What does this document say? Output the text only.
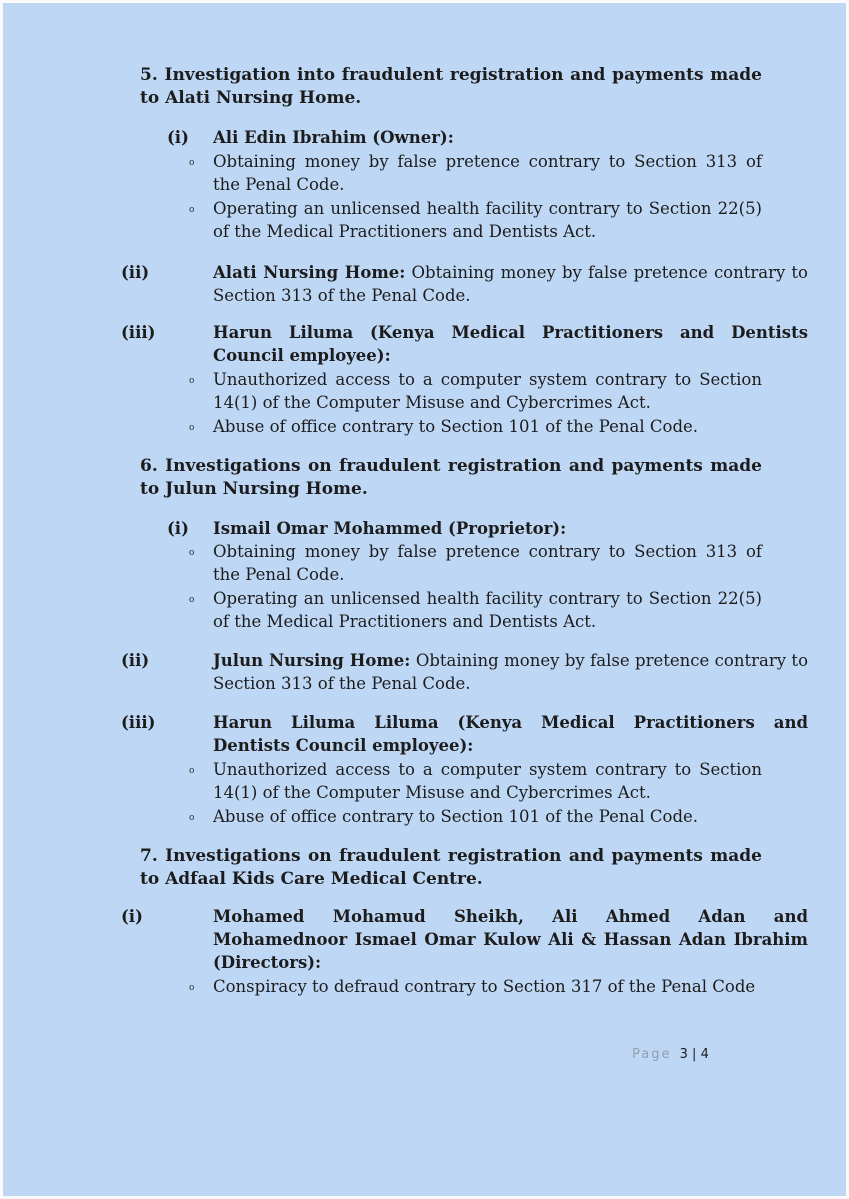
5. Investigation into fraudulent registration and payments made to Alati Nursing Home.
(i) Ali Edin Ibrahim (Owner):
o Obtaining money by false pretence contrary to Section 313 of the Penal Code.
o Operating an unlicensed health facility contrary to Section 22(5) of the Medical Practitioners and Dentists Act.
(ii)	Alati Nursing Home: Obtaining money by false pretence contrary to Section 313 of the Penal Code.
(iii)	Harun Liluma (Kenya Medical Practitioners and Dentists Council employee):
o Unauthorized access to a computer system contrary to Section 14(1) of the Computer Misuse and Cybercrimes Act.
o Abuse of office contrary to Section 101 of the Penal Code.
6. Investigations on fraudulent registration and payments made to Julun Nursing Home.
(i) Ismail Omar Mohammed (Proprietor):
o Obtaining money by false pretence contrary to Section 313 of the Penal Code.
o Operating an unlicensed health facility contrary to Section 22(5) of the Medical Practitioners and Dentists Act.
(ii)	Julun Nursing Home: Obtaining money by false pretence contrary to Section 313 of the Penal Code.
(iii)	Harun Liluma Liluma (Kenya Medical Practitioners and Dentists Council employee):
o Unauthorized access to a computer system contrary to Section 14(1) of the Computer Misuse and Cybercrimes Act.
o Abuse of office contrary to Section 101 of the Penal Code.
7. Investigations on fraudulent registration and payments made to Adfaal Kids Care Medical Centre.
(i)	Mohamed Mohamud Sheikh, Ali Ahmed Adan and Mohamednoor Ismael Omar Kulow Ali & Hassan Adan Ibrahim (Directors):
o Conspiracy to defraud contrary to Section 317 of the Penal Code
Page 3 | 4
